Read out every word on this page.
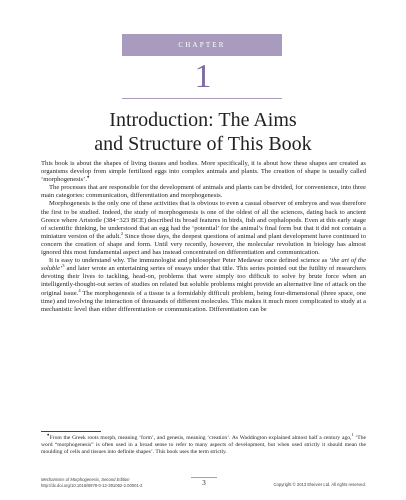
CHAPTER
1
Introduction: The Aims
and Structure of This Book

This book is about the shapes of living tissues and bodies. More specifically, it is about how these shapes are created as organisms develop from simple fertilized eggs into complex animals and plants. The creation of shape is usually called ‘morphogenesis’.♦

The processes that are responsible for the development of animals and plants can be divided, for convenience, into three main categories: communication, differentiation and morphogenesis.

Morphogenesis is the only one of these activities that is obvious to even a casual observer of embryos and was therefore the first to be studied. Indeed, the study of morphogenesis is one of the oldest of all the sciences, dating back to ancient Greece where Aristotle (384−323 BCE) described its broad features in birds, fish and cephalopods. Even at this early stage of scientific thinking, he understood that an egg had the ‘potential’ for the animal’s final form but that it did not contain a miniature version of the adult.$^2$ Since those days, the deepest questions of animal and plant development have continued to concern the creation of shape and form. Until very recently, however, the molecular revolution in biology has almost ignored this most fundamental aspect and has instead concentrated on differentiation and communication.

It is easy to understand why. The immunologist and philosopher Peter Medawar once defined science as ‘the art of the soluble’$^3$ and later wrote an entertaining series of essays under that title. This series pointed out the futility of researchers devoting their lives to tackling, head-on, problems that were simply too difficult to solve by brute force when an intelligently-thought-out series of studies on related but soluble problems might provide an alternative line of attack on the original issue.$^4$ The morphogenesis of a tissue is a formidably difficult problem, being four-dimensional (three space, one time) and involving the interaction of thousands of different molecules. This makes it much more complicated to study at a mechanistic level than either differentiation or communication. Differentiation can be

♦From the Greek roots morph, meaning ‘form’, and genesis, meaning ‘creation’. As Waddington explained almost half a century ago,$^1$ ‘The word “morphogenesis” is often used in a broad sense to refer to many aspects of development, but when used strictly it should mean the moulding of cells and tissues into definite shapes’. This book uses the term strictly.

Mechanisms of Morphogenesis, Second Edition
http://dx.doi.org/10.1016/B978-0-12-391062-2.00001-2	3	Copyright © 2013 Elsevier Ltd. All rights reserved.
